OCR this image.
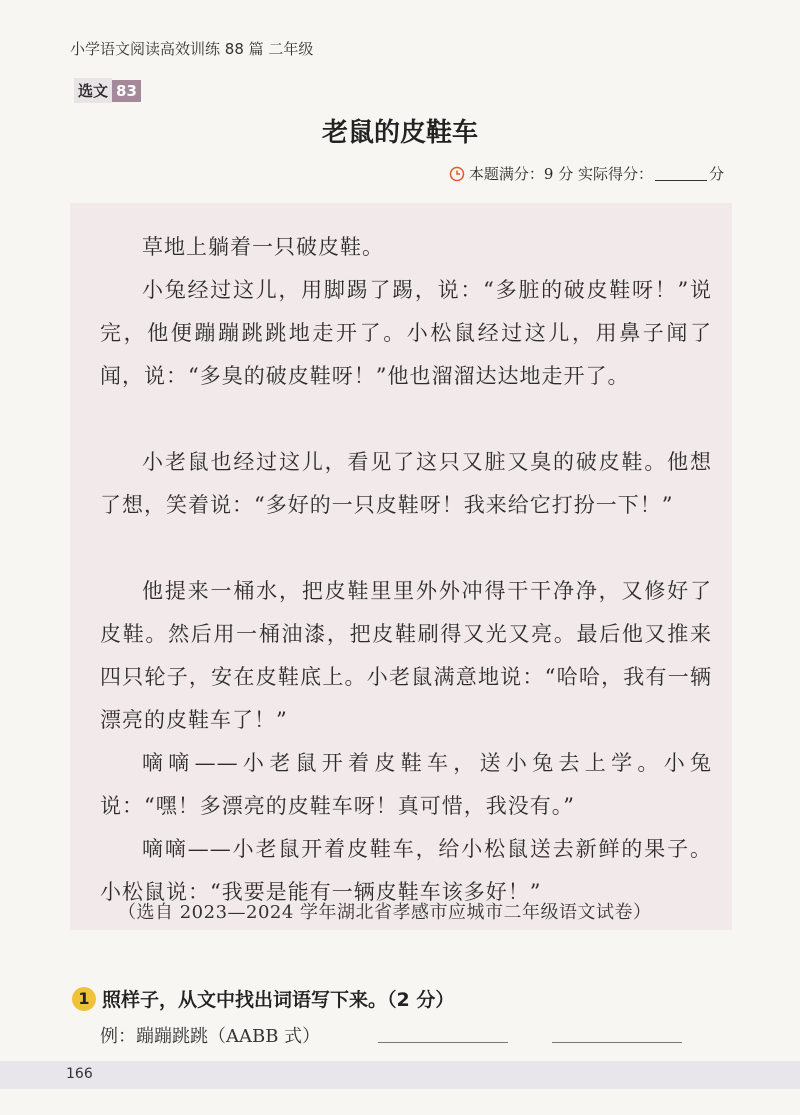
小学语文阅读高效训练 88 篇 二年级
选文 83
老鼠的皮鞋车
本题满分：9 分 实际得分：	分

草地上躺着一只破皮鞋。

小兔经过这儿，用脚踢了踢，说：“多脏的破皮鞋呀！”说完，他便蹦蹦跳跳地走开了。小松鼠经过这儿，用鼻子闻了闻，说：“多臭的破皮鞋呀！”他也溜溜达达地走开了。

小老鼠也经过这儿，看见了这只又脏又臭的破皮鞋。他想了想，笑着说：“多好的一只皮鞋呀！我来给它打扮一下！”

他提来一桶水，把皮鞋里里外外冲得干干净净，又修好了皮鞋。然后用一桶油漆，把皮鞋刷得又光又亮。最后他又推来四只轮子，安在皮鞋底上。小老鼠满意地说：“哈哈，我有一辆漂亮的皮鞋车了！”

嘀嘀——小老鼠开着皮鞋车，送小兔去上学。小兔说：“嘿！多漂亮的皮鞋车呀！真可惜，我没有。”

嘀嘀——小老鼠开着皮鞋车，给小松鼠送去新鲜的果子。小松鼠说：“我要是能有一辆皮鞋车该多好！”

（选自 2023—2024 学年湖北省孝感市应城市二年级语文试卷）
1 照样子，从文中找出词语写下来。（2 分）
例：蹦蹦跳跳（AABB 式）
166
